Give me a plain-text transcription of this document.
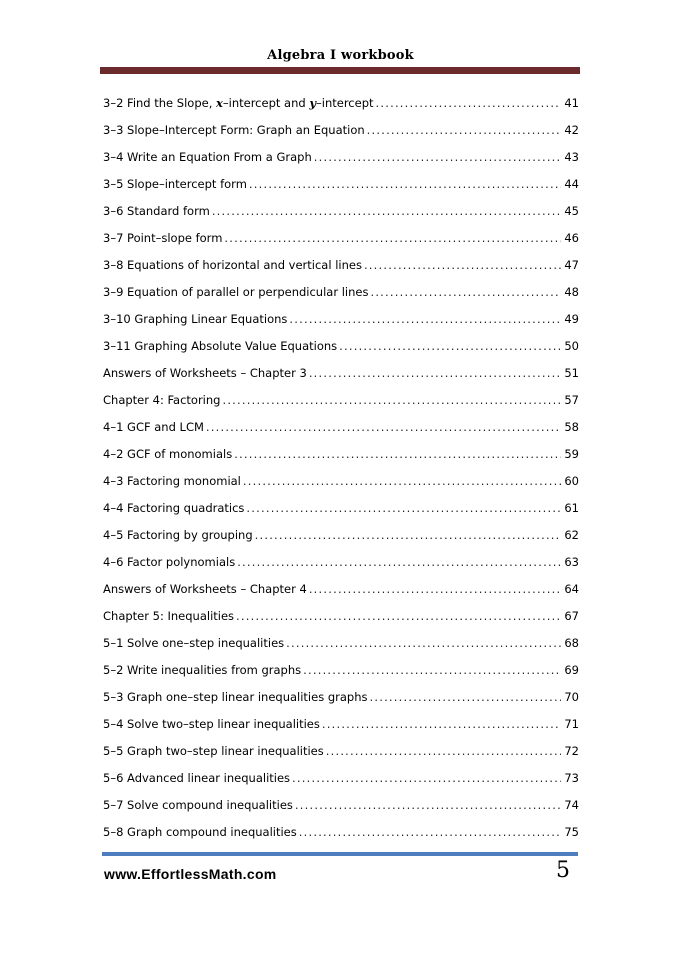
Algebra I workbook
3–2 Find the Slope, x–intercept and y–intercept .....	41
3–3 Slope–Intercept Form: Graph an Equation .....	42
3–4 Write an Equation From a Graph .....	43
3–5 Slope–intercept form .....	44
3–6 Standard form .....	45
3–7 Point–slope form .....	46
3–8 Equations of horizontal and vertical lines .....	47
3–9 Equation of parallel or perpendicular lines .....	48
3–10 Graphing Linear Equations .....	49
3–11 Graphing Absolute Value Equations .....	50
Answers of Worksheets – Chapter 3 .....	51
Chapter 4: Factoring .....	57
4–1 GCF and LCM .....	58
4–2 GCF of monomials .....	59
4–3 Factoring monomial .....	60
4–4 Factoring quadratics .....	61
4–5 Factoring by grouping .....	62
4–6 Factor polynomials .....	63
Answers of Worksheets – Chapter 4 .....	64
Chapter 5: Inequalities .....	67
5–1 Solve one–step inequalities .....	68
5–2 Write inequalities from graphs .....	69
5–3 Graph one–step linear inequalities graphs .....	70
5–4 Solve two–step linear inequalities .....	71
5–5 Graph two–step linear inequalities .....	72
5–6 Advanced linear inequalities .....	73
5–7 Solve compound inequalities .....	74
5–8 Graph compound inequalities .....	75
www.EffortlessMath.com	5
